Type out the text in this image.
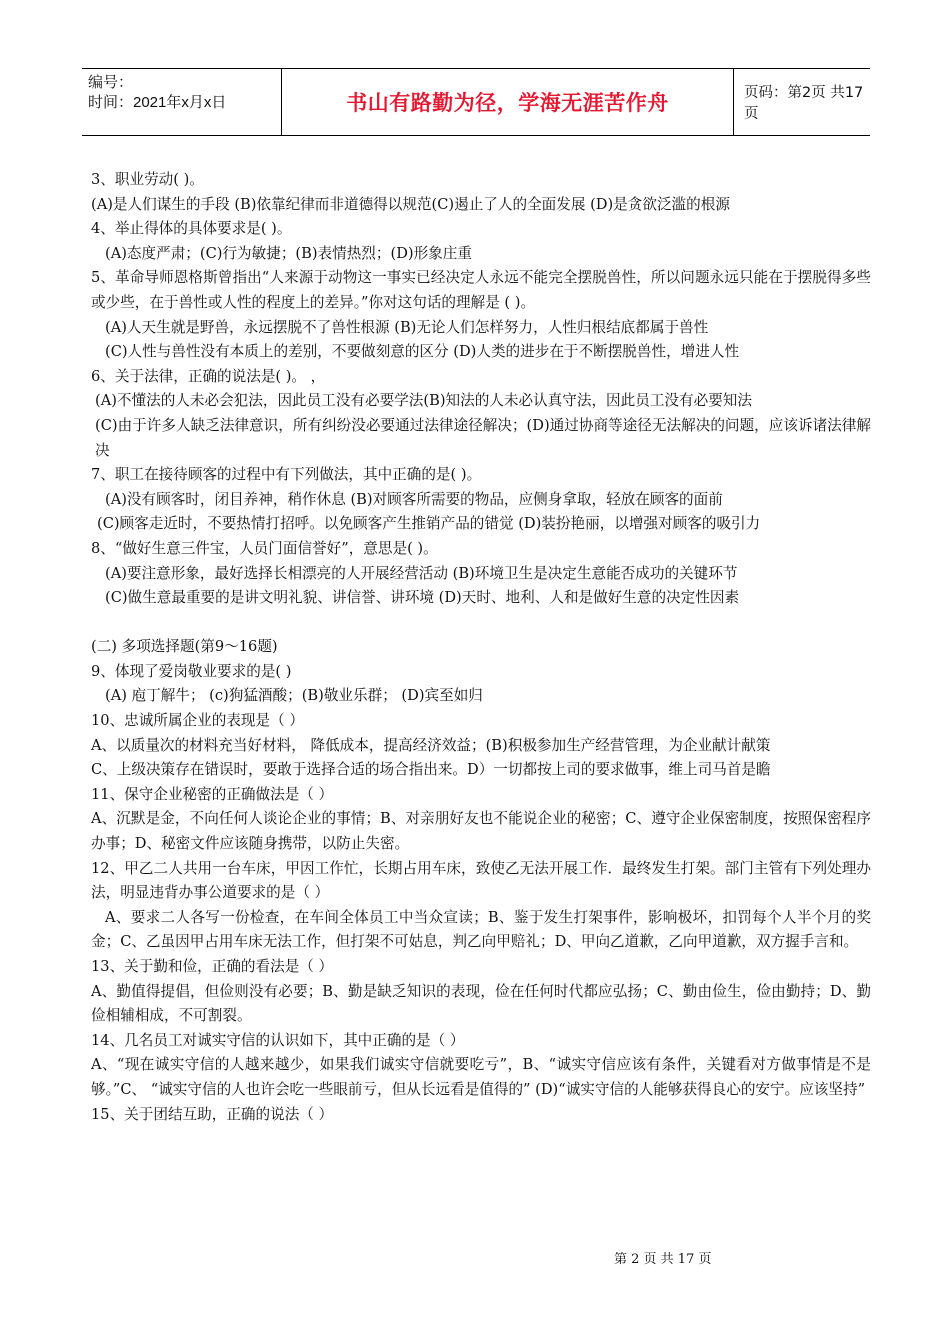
编号：
时间：2021年x月x日	书山有路勤为径，学海无涯苦作舟	页码：第2页 共17页
3、职业劳动( )。
(A)是人们谋生的手段 (B)依靠纪律而非道德得以规范(C)遏止了人的全面发展 (D)是贪欲泛滥的根源
4、举止得体的具体要求是( )。
(A)态度严肃；(C)行为敏捷；(B)表情热烈；(D)形象庄重
5、革命导师恩格斯曾指出“人来源于动物这一事实已经决定人永远不能完全摆脱兽性，所以问题永远只能在于摆脱得多些或少些，在于兽性或人性的程度上的差异。”你对这句话的理解是 ( )。
(A)人天生就是野兽，永远摆脱不了兽性根源 (B)无论人们怎样努力，人性归根结底都属于兽性
(C)人性与兽性没有本质上的差别，不要做刻意的区分 (D)人类的进步在于不断摆脱兽性，增进人性
6、关于法律，正确的说法是( )。 ，
(A)不懂法的人未必会犯法，因此员工没有必要学法(B)知法的人未必认真守法，因此员工没有必要知法
(C)由于许多人缺乏法律意识，所有纠纷没必要通过法律途径解决；(D)通过协商等途径无法解决的问题，应该诉诸法律解决
7、职工在接待顾客的过程中有下列做法，其中正确的是( )。
(A)没有顾客时，闭目养神，稍作休息 (B)对顾客所需要的物品，应侧身拿取，轻放在顾客的面前
(C)顾客走近时，不要热情打招呼。以免顾客产生推销产品的错觉 (D)装扮艳丽，以增强对顾客的吸引力
8、“做好生意三件宝，人员门面信誉好”，意思是( )。
(A)要注意形象，最好选择长相漂亮的人开展经营活动 (B)环境卫生是决定生意能否成功的关键环节
(C)做生意最重要的是讲文明礼貌、讲信誉、讲环境 (D)天时、地利、人和是做好生意的决定性因素
(二) 多项选择题(第9～16题)
9、体现了爱岗敬业要求的是( )
(A) 庖丁解牛； (c)狗猛酒酸；(B)敬业乐群； (D)宾至如归
10、忠诚所属企业的表现是（ ）
A、以质量次的材料充当好材料， 降低成本，提高经济效益；(B)积极参加生产经营管理，为企业献计献策
C、上级决策存在错误时，要敢于选择合适的场合指出来。D）一切都按上司的要求做事，维上司马首是瞻
11、保守企业秘密的正确做法是（ ）
A、沉默是金，不向任何人谈论企业的事情；B、对亲朋好友也不能说企业的秘密；C、遵守企业保密制度，按照保密程序办事；D、秘密文件应该随身携带，以防止失密。
12、甲乙二人共用一台车床，甲因工作忙，长期占用车床，致使乙无法开展工作．最终发生打架。部门主管有下列处理办法，明显违背办事公道要求的是（ ）
A、要求二人各写一份检查，在车间全体员工中当众宣读；B、鉴于发生打架事件，影响极坏，扣罚每个人半个月的奖金；C、乙虽因甲占用车床无法工作，但打架不可姑息，判乙向甲赔礼；D、甲向乙道歉，乙向甲道歉，双方握手言和。
13、关于勤和俭，正确的看法是（ ）
A、勤值得提倡，但俭则没有必要；B、勤是缺乏知识的表现，俭在任何时代都应弘扬；C、勤由俭生，俭由勤持；D、勤俭相辅相成，不可割裂。
14、几名员工对诚实守信的认识如下，其中正确的是（ ）
A、“现在诚实守信的人越来越少，如果我们诚实守信就要吃亏”，B、“诚实守信应该有条件，关键看对方做事情是不是够。”C、 “诚实守信的人也许会吃一些眼前亏，但从长远看是值得的” (D)“诚实守信的人能够获得良心的安宁。应该坚持”
15、关于团结互助，正确的说法（ ）
第 2 页 共 17 页
